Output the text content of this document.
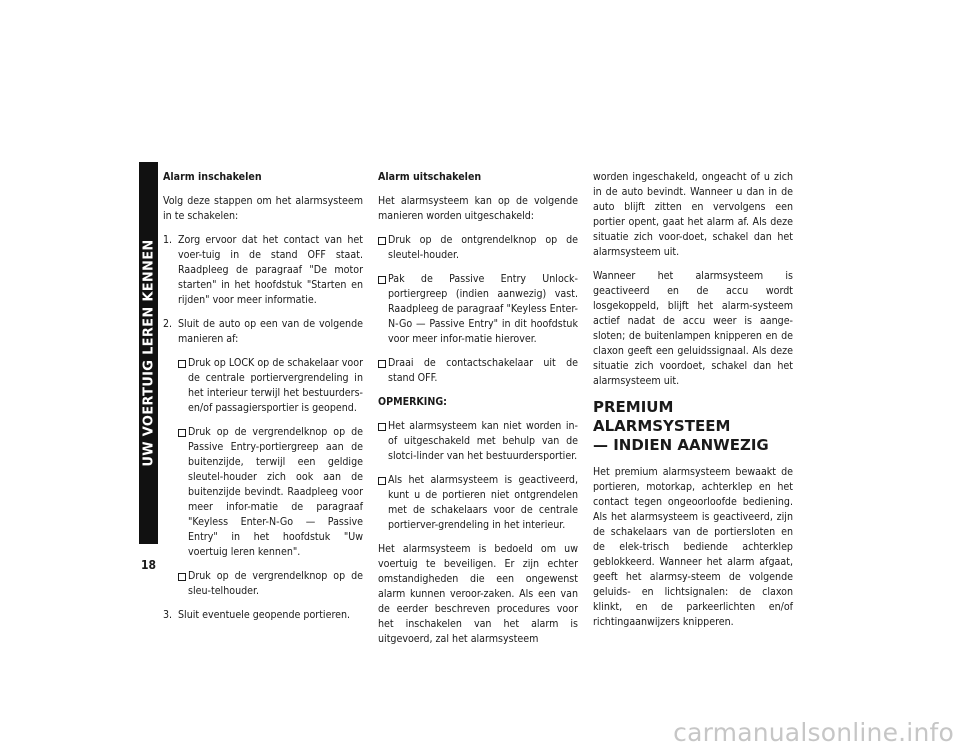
UW VOERTUIG LEREN KENNEN
18
Alarm inschakelen

Volg deze stappen om het alarmsysteem in te schakelen:

1. Zorg ervoor dat het contact van het voer-tuig in de stand OFF staat. Raadpleeg de paragraaf "De motor starten" in het hoofdstuk "Starten en rijden" voor meer informatie.
2. Sluit de auto op een van de volgende manieren af:
Druk op LOCK op de schakelaar voor de centrale portiervergrendeling in het interieur terwijl het bestuurders- en/of passagiersportier is geopend.
Druk op de vergrendelknop op de Passive Entry-portiergreep aan de buitenzijde, terwijl een geldige sleutel-houder zich ook aan de buitenzijde bevindt. Raadpleeg voor meer infor-matie de paragraaf "Keyless Enter-N-Go — Passive Entry" in het hoofdstuk "Uw voertuig leren kennen".
Druk op de vergrendelknop op de sleu-telhouder.
3. Sluit eventuele geopende portieren.
Alarm uitschakelen

Het alarmsysteem kan op de volgende manieren worden uitgeschakeld:

Druk op de ontgrendelknop op de sleutel-houder.
Pak de Passive Entry Unlock-portiergreep (indien aanwezig) vast. Raadpleeg de paragraaf "Keyless Enter-N-Go — Passive Entry" in dit hoofdstuk voor meer infor-matie hierover.
Draai de contactschakelaar uit de stand OFF.
OPMERKING:
Het alarmsysteem kan niet worden in- of uitgeschakeld met behulp van de slotci-linder van het bestuurdersportier.
Als het alarmsysteem is geactiveerd, kunt u de portieren niet ontgrendelen met de schakelaars voor de centrale portierver-grendeling in het interieur.

Het alarmsysteem is bedoeld om uw voertuig te beveiligen. Er zijn echter omstandigheden die een ongewenst alarm kunnen veroor-zaken. Als een van de eerder beschreven procedures voor het inschakelen van het alarm is uitgevoerd, zal het alarmsysteem

worden ingeschakeld, ongeacht of u zich in de auto bevindt. Wanneer u dan in de auto blijft zitten en vervolgens een portier opent, gaat het alarm af. Als deze situatie zich voor-doet, schakel dan het alarmsysteem uit.

Wanneer het alarmsysteem is geactiveerd en de accu wordt losgekoppeld, blijft het alarm-systeem actief nadat de accu weer is aange-sloten; de buitenlampen knipperen en de claxon geeft een geluidssignaal. Als deze situatie zich voordoet, schakel dan het alarmsysteem uit.

PREMIUM ALARMSYSTEEM
— INDIEN AANWEZIG

Het premium alarmsysteem bewaakt de portieren, motorkap, achterklep en het contact tegen ongeoorloofde bediening. Als het alarmsysteem is geactiveerd, zijn de schakelaars van de portiersloten en de elek-trisch bediende achterklep geblokkeerd. Wanneer het alarm afgaat, geeft het alarmsy-steem de volgende geluids- en lichtsignalen: de claxon klinkt, en de parkeerlichten en/of richtingaanwijzers knipperen.

carmanualsonline.info
